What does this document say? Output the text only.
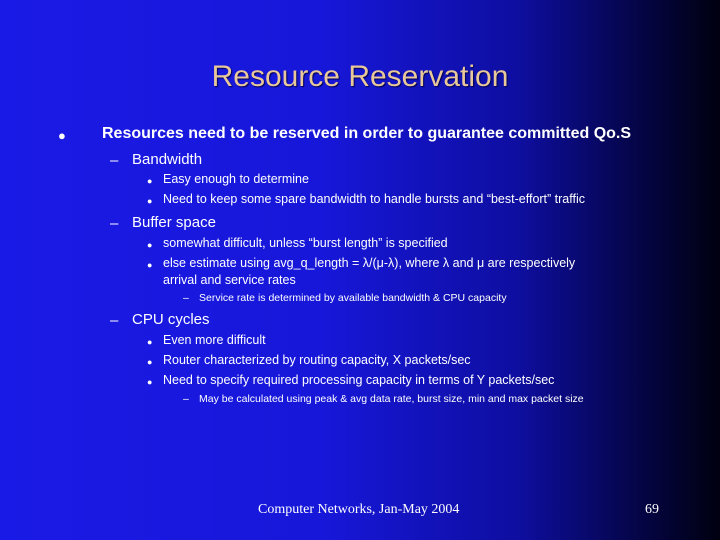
Resource Reservation
● Resources need to be reserved in order to guarantee committed Qo.S
– Bandwidth
● Easy enough to determine
● Need to keep some spare bandwidth to handle bursts and “best-effort” traffic
– Buffer space
● somewhat difficult, unless “burst length” is specified
● else estimate using avg_q_length = λ/(μ-λ), where λ and μ are respectively
arrival and service rates
– Service rate is determined by available bandwidth & CPU capacity
– CPU cycles
● Even more difficult
● Router characterized by routing capacity, X packets/sec
● Need to specify required processing capacity in terms of Y packets/sec
– May be calculated using peak & avg data rate, burst size, min and max packet size
Computer Networks, Jan-May 2004	69
